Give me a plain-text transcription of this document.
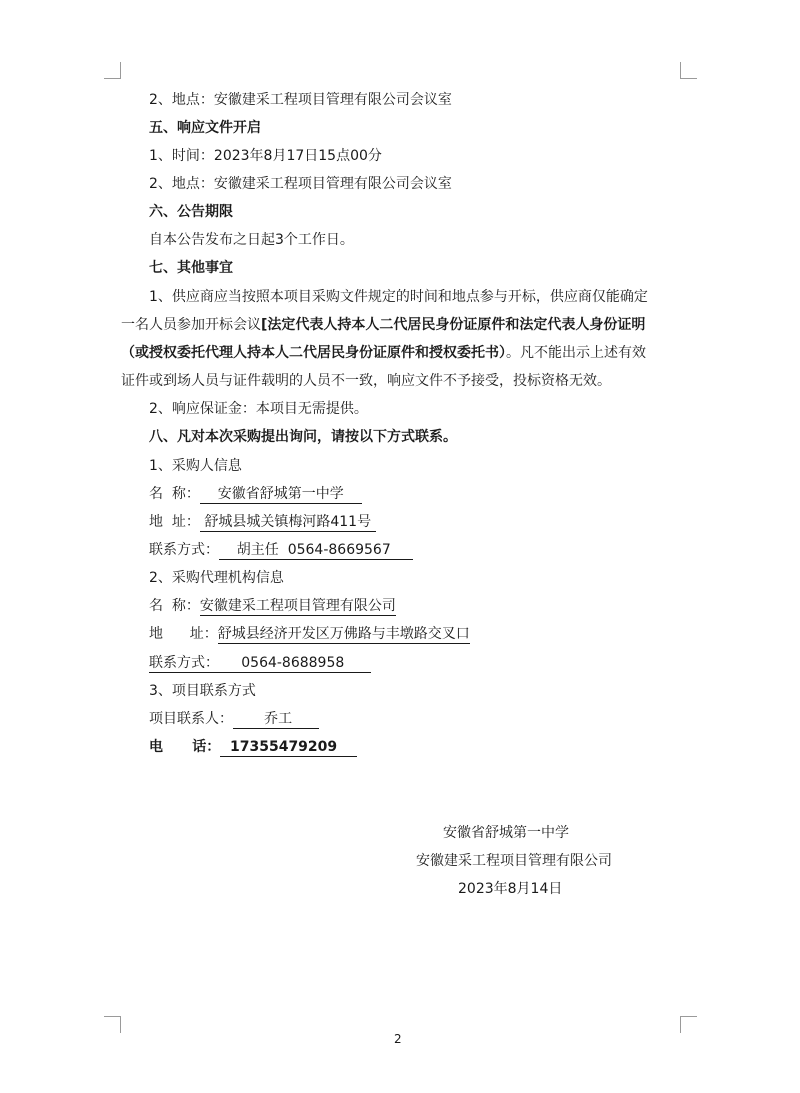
2、地点：安徽建采工程项目管理有限公司会议室
五、响应文件开启
1、时间：2023年8月17日15点00分
2、地点：安徽建采工程项目管理有限公司会议室
六、公告期限
自本公告发布之日起3个工作日。
七、其他事宜
1、供应商应当按照本项目采购文件规定的时间和地点参与开标，供应商仅能确定
一名人员参加开标会议[法定代表人持本人二代居民身份证原件和法定代表人身份证明
（或授权委托代理人持本人二代居民身份证原件和授权委托书）。凡不能出示上述有效
证件或到场人员与证件载明的人员不一致，响应文件不予接受，投标资格无效。
2、响应保证金：本项目无需提供。
八、凡对本次采购提出询问，请按以下方式联系。
1、采购人信息
名  称：    安徽省舒城第一中学
地  址： 舒城县城关镇梅河路411号
联系方式：    胡主任  0564-8669567
2、采购代理机构信息
名  称：安徽建采工程项目管理有限公司
地      址：舒城县经济开发区万佛路与丰墩路交叉口
联系方式：     0564-8688958
3、项目联系方式
项目联系人：       乔工
电      话：  17355479209
安徽省舒城第一中学
安徽建采工程项目管理有限公司
2023年8月14日
2
